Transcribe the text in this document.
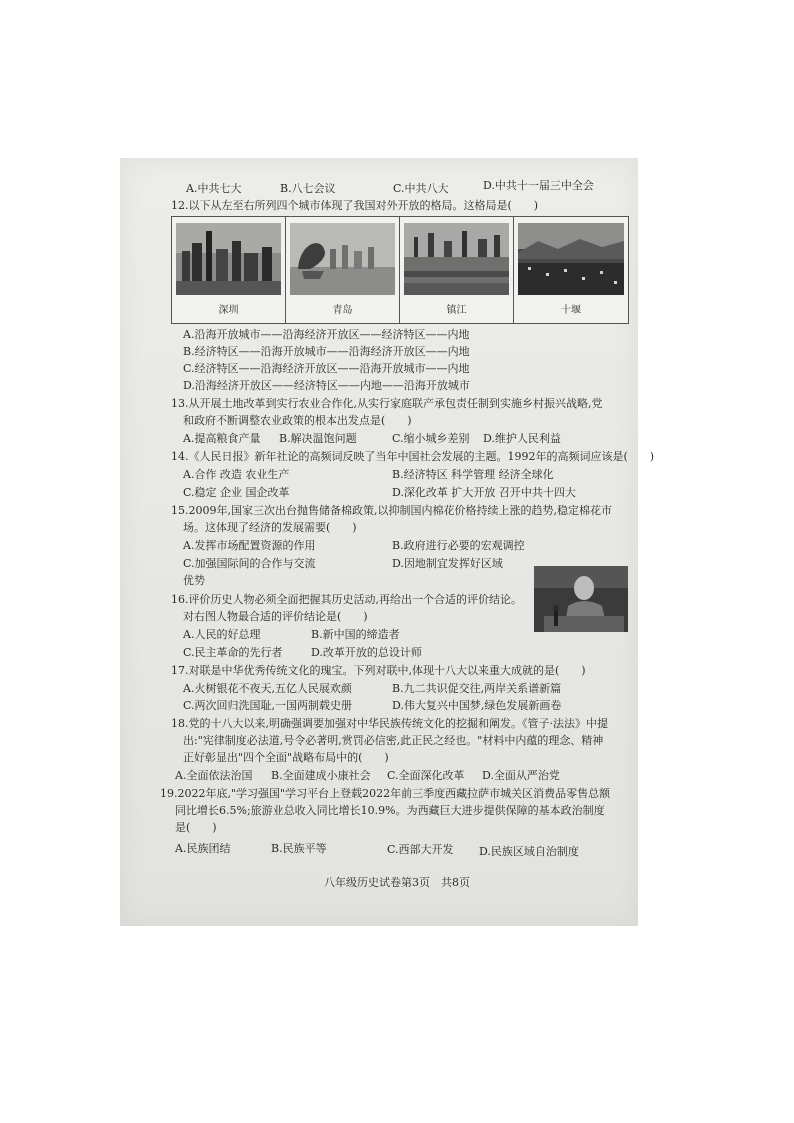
A.中共七大	B.八七会议	C.中共八大	D.中共十一届三中全会
12.以下从左至右所列四个城市体现了我国对外开放的格局。这格局是(　　)
深圳	青岛	镇江	十堰
A.沿海开放城市——沿海经济开放区——经济特区——内地
B.经济特区——沿海开放城市——沿海经济开放区——内地
C.经济特区——沿海经济开放区——沿海开放城市——内地
D.沿海经济开放区——经济特区——内地——沿海开放城市
13.从开展土地改革到实行农业合作化,从实行家庭联产承包责任制到实施乡村振兴战略,党
和政府不断调整农业政策的根本出发点是(　　)
A.提高粮食产量 B.解决温饱问题	C.缩小城乡差别 D.维护人民利益
14.《人民日报》新年社论的高频词反映了当年中国社会发展的主题。1992年的高频词应该是(　　)
A.合作 改造 农业生产	B.经济特区 科学管理 经济全球化
C.稳定 企业 国企改革	D.深化改革 扩大开放 召开中共十四大
15.2009年,国家三次出台抛售储备棉政策,以抑制国内棉花价格持续上涨的趋势,稳定棉花市
场。这体现了经济的发展需要(　　)
A.发挥市场配置资源的作用	B.政府进行必要的宏观调控
C.加强国际间的合作与交流	D.因地制宜发挥好区域
优势
16.评价历史人物必须全面把握其历史活动,再给出一个合适的评价结论。
对右图人物最合适的评价结论是(　　)
A.人民的好总理	B.新中国的缔造者
C.民主革命的先行者	D.改革开放的总设计师
17.对联是中华优秀传统文化的瑰宝。下列对联中,体现十八大以来重大成就的是(　　)
A.火树银花不夜天,五亿人民展欢颜	B.九二共识促交往,两岸关系谱新篇
C.两次回归洗国耻,一国两制载史册	D.伟大复兴中国梦,绿色发展新画卷
18.党的十八大以来,明确强调要加强对中华民族传统文化的挖掘和阐发。《管子·法法》中提
出:"宪律制度必法道,号令必著明,赏罚必信密,此正民之经也。"材料中内蕴的理念、精神
正好彰显出"四个全面"战略布局中的(　　)
A.全面依法治国 B.全面建成小康社会 C.全面深化改革 D.全面从严治党
19.2022年底,"学习强国"学习平台上登载2022年前三季度西藏拉萨市城关区消费品零售总额
同比增长6.5%;旅游业总收入同比增长10.9%。为西藏巨大进步提供保障的基本政治制度
是(　　)
A.民族团结	B.民族平等	C.西部大开发 D.民族区域自治制度
八年级历史试卷第3页　共8页
